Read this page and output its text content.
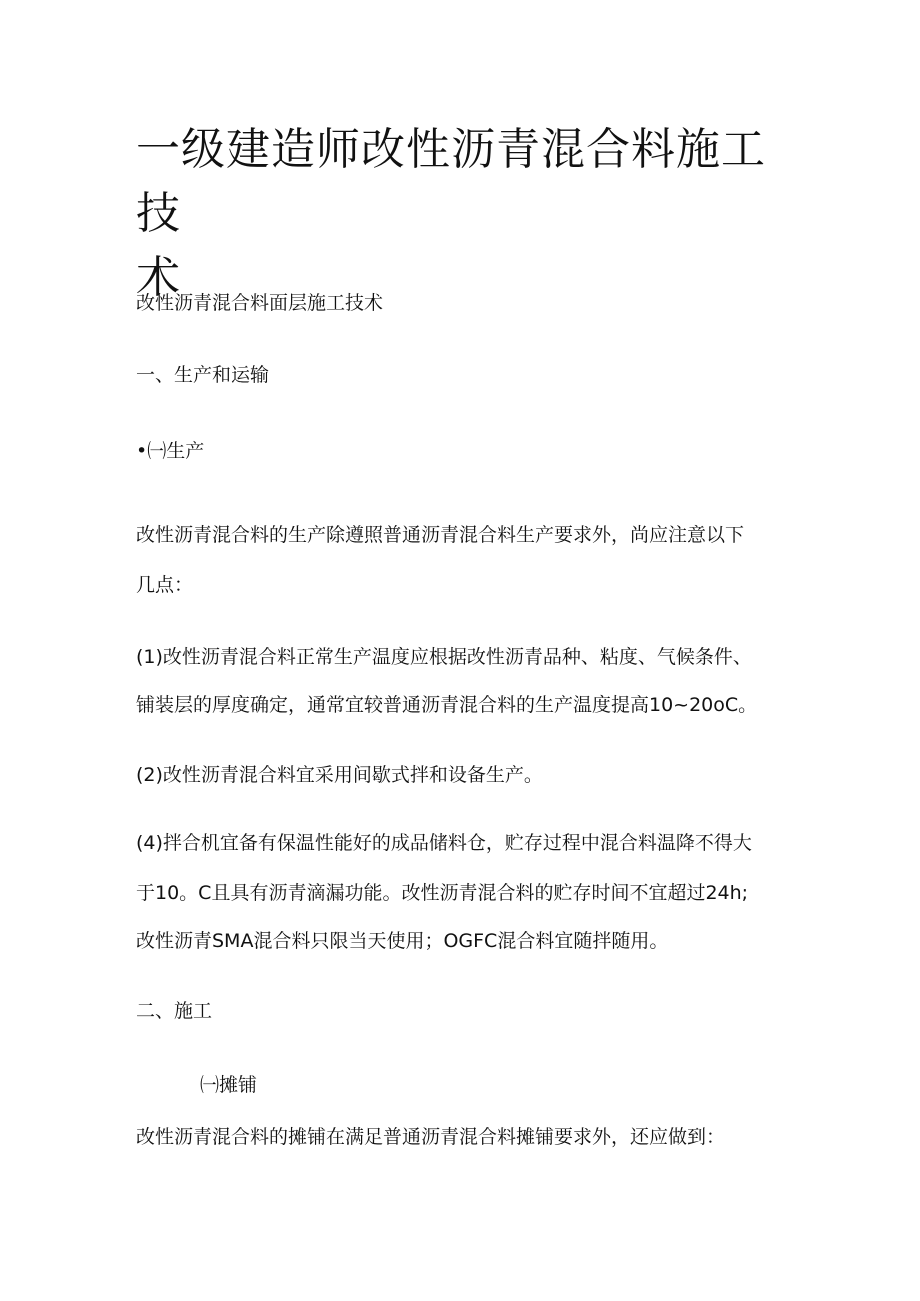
一级建造师改性沥青混合料施工技
术

改性沥青混合料面层施工技术

一、生产和运输

•㈠生产

改性沥青混合料的生产除遵照普通沥青混合料生产要求外，尚应注意以下

几点：

(1)改性沥青混合料正常生产温度应根据改性沥青品种、粘度、气候条件、

铺装层的厚度确定，通常宜较普通沥青混合料的生产温度提高10~20oC。

(2)改性沥青混合料宜采用间歇式拌和设备生产。

(4)拌合机宜备有保温性能好的成品储料仓，贮存过程中混合料温降不得大

于10。C且具有沥青滴漏功能。改性沥青混合料的贮存时间不宜超过24h;

改性沥青SMA混合料只限当天使用；OGFC混合料宜随拌随用。

二、施工

㈠摊铺

改性沥青混合料的摊铺在满足普通沥青混合料摊铺要求外，还应做到：
